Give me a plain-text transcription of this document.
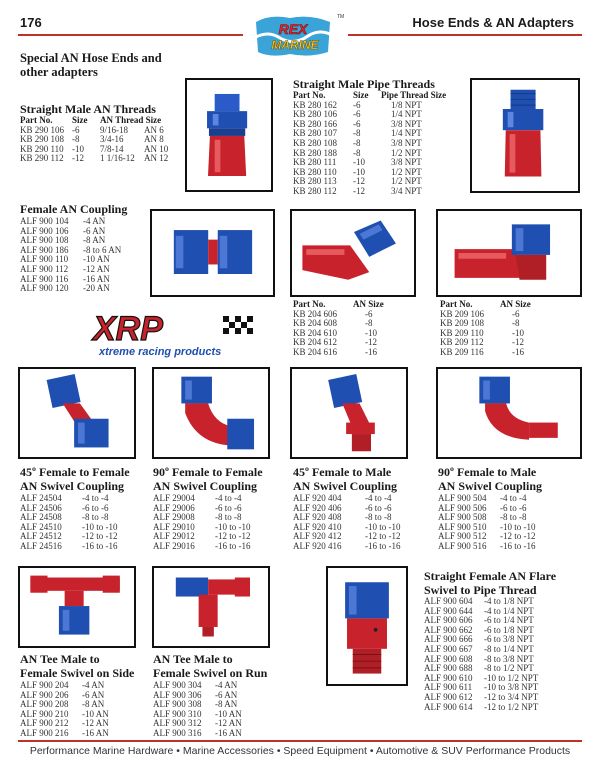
176	REX
MARINE
TM	Hose Ends & AN Adapters
Special AN Hose Ends and
other adapters
Straight Male AN Threads
Part No. Size AN Thread Size
KB 290 106 -6 9/16-18 AN 6
KB 290 108 -8 3/4-16 AN 8
KB 290 110 -10 7/8-14 AN 10
KB 290 112 -12 1 1/16-12 AN 12
Straight Male Pipe Threads
Part No.	Size Pipe Thread Size
KB 280 162 -6	1/8 NPT
KB 280 106 -6	1/4 NPT
KB 280 166 -6	3/8 NPT
KB 280 107 -8	1/4 NPT
KB 280 108 -8	3/8 NPT
KB 280 188 -8	1/2 NPT
KB 280 111 -10	3/8 NPT
KB 280 110 -10	1/2 NPT
KB 280 113 -12	1/2 NPT
KB 280 112 -12	3/4 NPT
Female AN Coupling
ALF 900 104 -4 AN
ALF 900 106 -6 AN
ALF 900 108 -8 AN
ALF 900 186 -8 to 6 AN
ALF 900 110 -10 AN
ALF 900 112 -12 AN
ALF 900 116 -16 AN
ALF 900 120 -20 AN
Part No.	AN Size
KB 204 606	-6
KB 204 608	-8
KB 204 610	-10
KB 204 612	-12
KB 204 616	-16
Part No.	AN Size
KB 209 106	-6
KB 209 108	-8
KB 209 110	-10
KB 209 112	-12
KB 209 116	-16
XRP
xtreme racing products
45º Female to Female
AN Swivel Coupling
ALF 24504 -4 to -4
ALF 24506 -6 to -6
ALF 24508 -8 to -8
ALF 24510 -10 to -10
ALF 24512 -12 to -12
ALF 24516 -16 to -16
90º Female to Female
AN Swivel Coupling
ALF 29004 -4 to -4
ALF 29006 -6 to -6
ALF 29008 -8 to -8
ALF 29010 -10 to -10
ALF 29012 -12 to -12
ALF 29016 -16 to -16
45º Female to Male
AN Swivel Coupling
ALF 920 404	-4 to -4
ALF 920 406	-6 to -6
ALF 920 408	-8 to -8
ALF 920 410	-10 to -10
ALF 920 412	-12 to -12
ALF 920 416	-16 to -16
90º Female to Male
AN Swivel Coupling
ALF 900 504 -4 to -4
ALF 900 506 -6 to -6
ALF 900 508 -8 to -8
ALF 900 510 -10 to -10
ALF 900 512 -12 to -12
ALF 900 516 -16 to -16
AN Tee Male to
Female Swivel on Side
ALF 900 204 -4 AN
ALF 900 206 -6 AN
ALF 900 208 -8 AN
ALF 900 210 -10 AN
ALF 900 212 -12 AN
ALF 900 216 -16 AN
AN Tee Male to
Female Swivel on Run
ALF 900 304 -4 AN
ALF 900 306 -6 AN
ALF 900 308 -8 AN
ALF 900 310 -10 AN
ALF 900 312 -12 AN
ALF 900 316 -16 AN
Straight Female AN Flare
Swivel to Pipe Thread
ALF 900 604 -4 to 1/8 NPT
ALF 900 644 -4 to 1/4 NPT
ALF 900 606 -6 to 1/4 NPT
ALF 900 662 -6 to 1/8 NPT
ALF 900 666 -6 to 3/8 NPT
ALF 900 667 -8 to 1/4 NPT
ALF 900 608 -8 to 3/8 NPT
ALF 900 688 -8 to 1/2 NPT
ALF 900 610 -10 to 1/2 NPT
ALF 900 611 -10 to 3/8 NPT
ALF 900 612 -12 to 3/4 NPT
ALF 900 614 -12 to 1/2 NPT
Performance Marine Hardware • Marine Accessories • Speed Equipment • Automotive & SUV Performance Products
